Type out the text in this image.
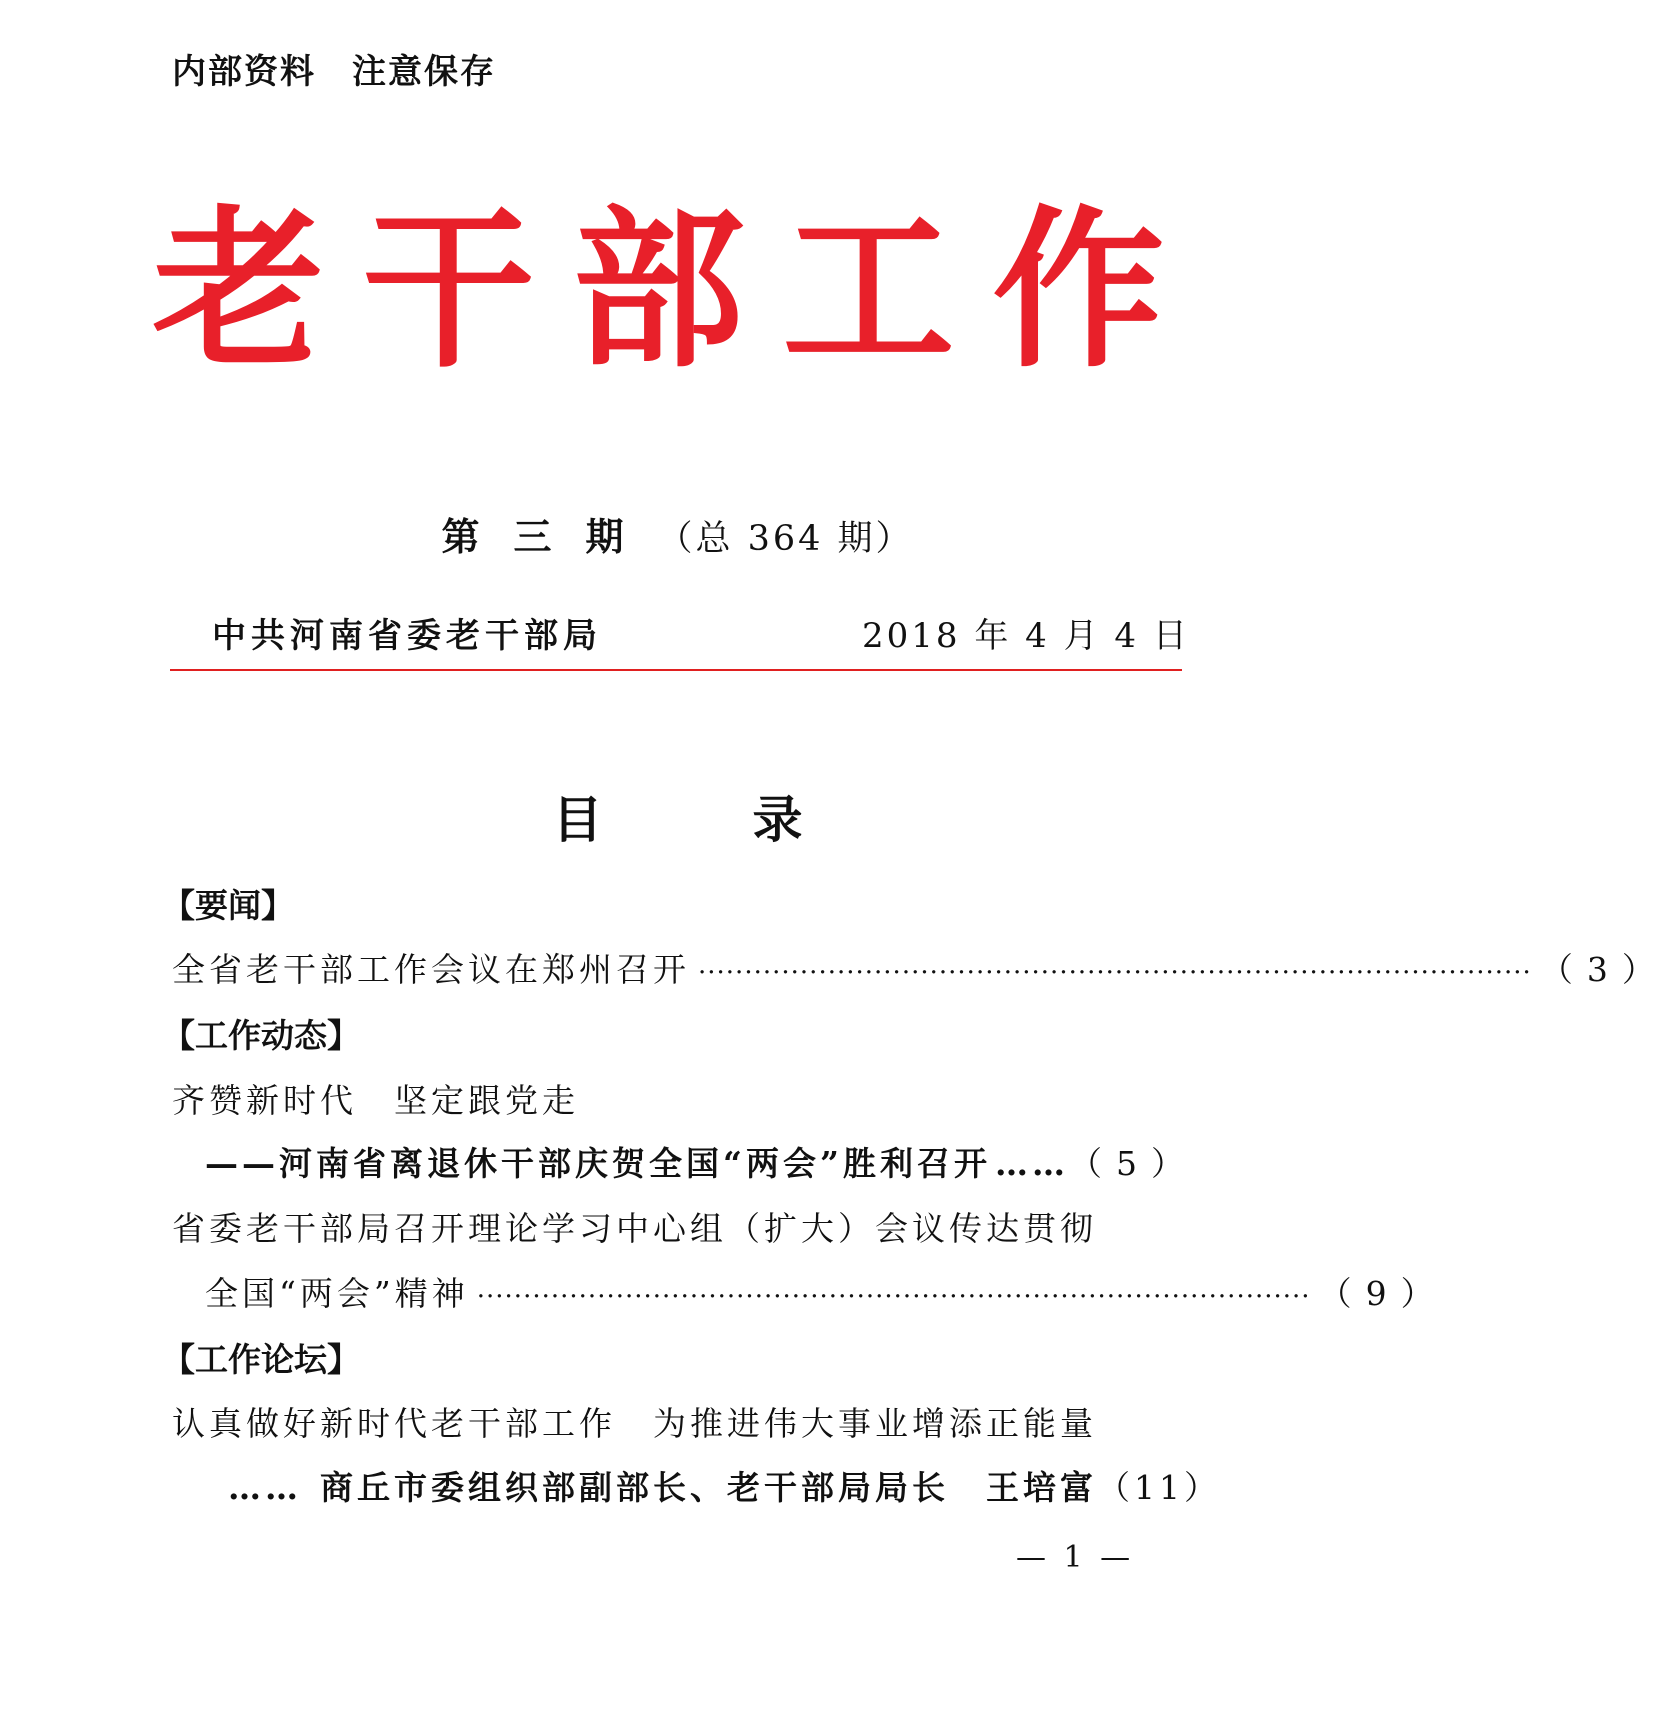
内部资料　注意保存
老干部工作
第三期（总 364 期）
中共河南省委老干部局	2018 年 4 月 4 日
目录
【要闻】
全省老干部工作会议在郑州召开 ·························································································· （3）
【工作动态】
齐赞新时代　坚定跟党走
——河南省离退休干部庆贺全国“两会”胜利召开 …… （5）
省委老干部局召开理论学习中心组（扩大）会议传达贯彻
全国“两会”精神 ·························································································· （9）
【工作论坛】
认真做好新时代老干部工作　为推进伟大事业增添正能量
…… 商丘市委组织部副部长、老干部局局长　王培富 （11）
— 1 —
